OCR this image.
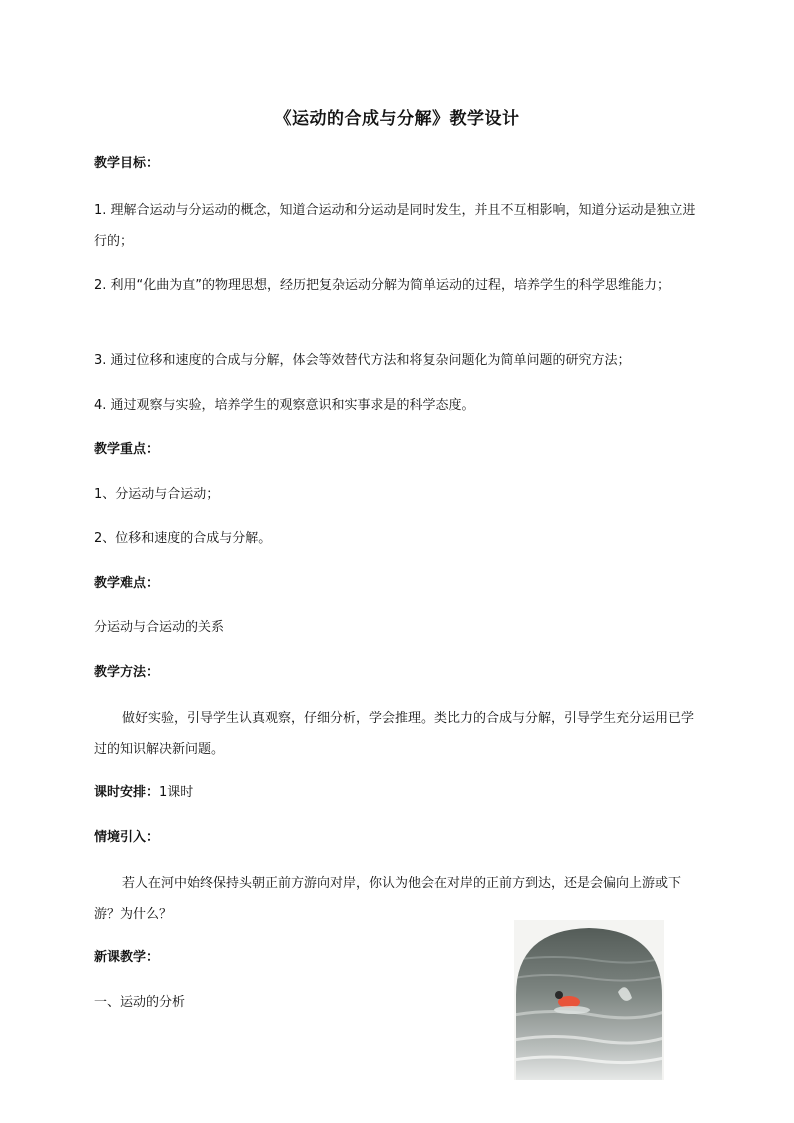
《运动的合成与分解》教学设计
教学目标：
1. 理解合运动与分运动的概念，知道合运动和分运动是同时发生，并且不互相影响，知道分运动是独立进行的；
2. 利用“化曲为直”的物理思想，经历把复杂运动分解为简单运动的过程，培养学生的科学思维能力；
3. 通过位移和速度的合成与分解，体会等效替代方法和将复杂问题化为简单问题的研究方法；
4. 通过观察与实验，培养学生的观察意识和实事求是的科学态度。
教学重点：
1、分运动与合运动；
2、位移和速度的合成与分解。
教学难点：
分运动与合运动的关系
教学方法：
做好实验，引导学生认真观察，仔细分析，学会推理。类比力的合成与分解，引导学生充分运用已学过的知识解决新问题。
课时安排：1课时
情境引入：
若人在河中始终保持头朝正前方游向对岸，你认为他会在对岸的正前方到达，还是会偏向上游或下游？为什么？
新课教学：
一、运动的分析
